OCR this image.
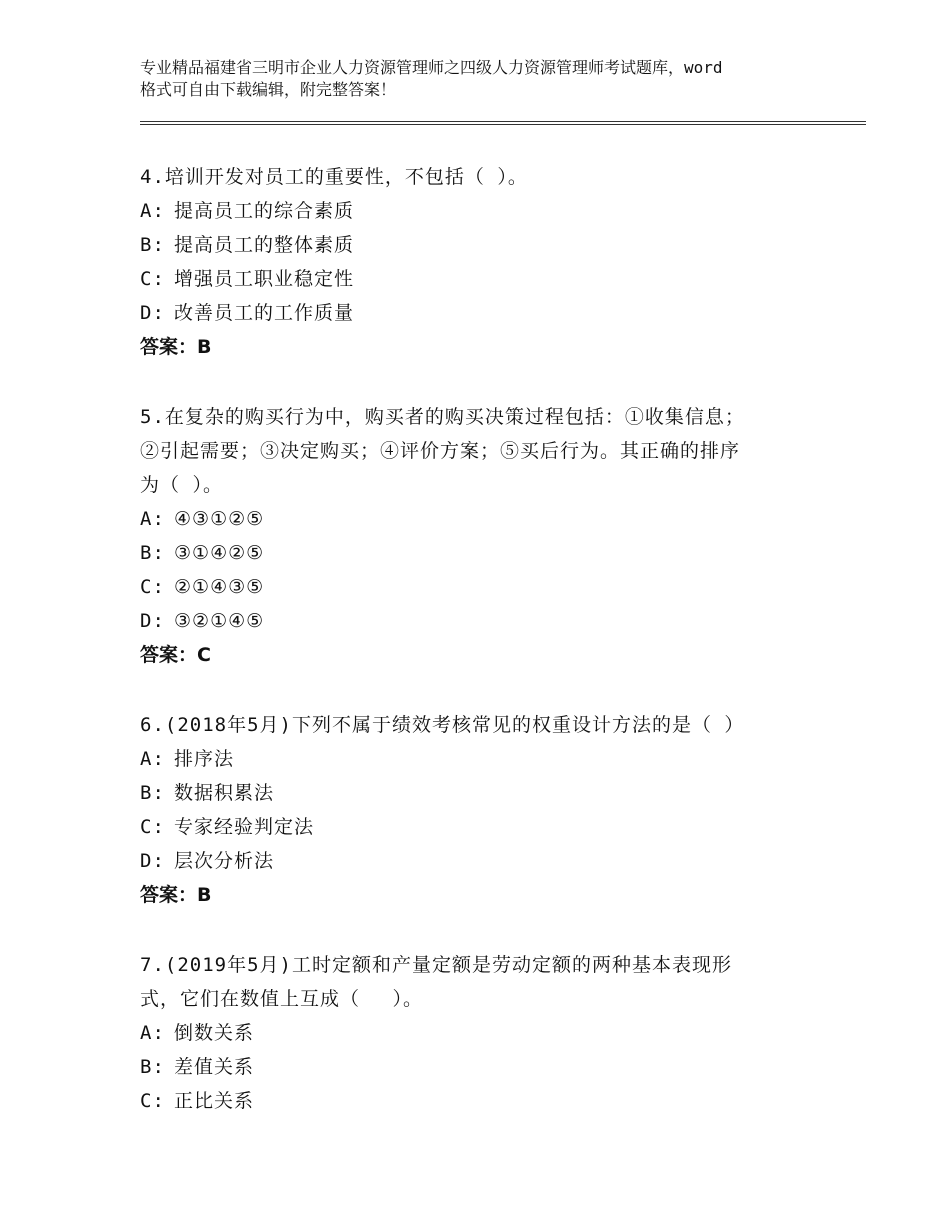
专业精品福建省三明市企业人力资源管理师之四级人力资源管理师考试题库，word
格式可自由下载编辑，附完整答案！
4.培训开发对员工的重要性，不包括（ ）。
A: 提高员工的综合素质
B: 提高员工的整体素质
C: 增强员工职业稳定性
D: 改善员工的工作质量
答案：B
5.在复杂的购买行为中，购买者的购买决策过程包括：①收集信息；
②引起需要；③决定购买；④评价方案；⑤买后行为。其正确的排序
为（ ）。
A: ④③①②⑤
B: ③①④②⑤
C: ②①④③⑤
D: ③②①④⑤
答案：C
6.(2018年5月)下列不属于绩效考核常见的权重设计方法的是（ ）
A: 排序法
B: 数据积累法
C: 专家经验判定法
D: 层次分析法
答案：B
7.(2019年5月)工时定额和产量定额是劳动定额的两种基本表现形
式，它们在数值上互成（　 ）。
A: 倒数关系
B: 差值关系
C: 正比关系
